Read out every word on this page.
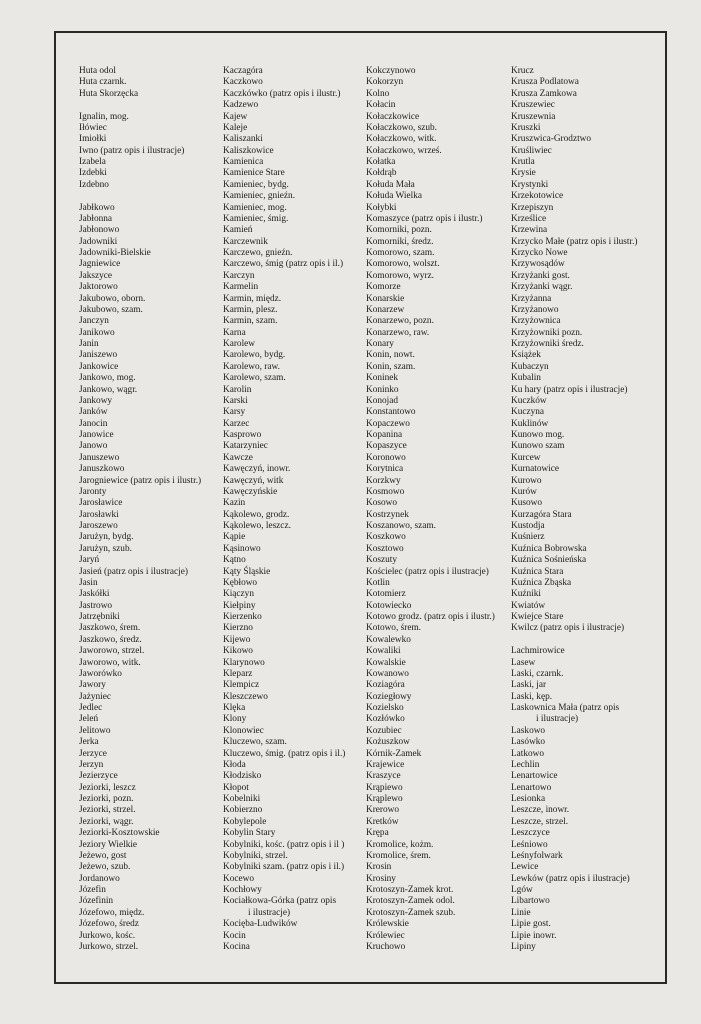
Huta odol
Huta czarnk.
Huta Skorzęcka
Ignalin, mog.
Iłówiec
Imiołki
Iwno (patrz opis i ilustracje)
Izabela
Izdebki
Izdebno
Jabłkowo
Jabłonna
Jabłonowo
Jadowniki
Jadowniki-Bielskie
Jagniewice
Jakszyce
Jaktorowo
Jakubowo, oborn.
Jakubowo, szam.
Janczyn
Janikowo
Janin
Janiszewo
Jankowice
Jankowo, mog.
Jankowo, wągr.
Jankowy
Janków
Janocin
Janowice
Janowo
Januszewo
Januszkowo
Jarogniewice (patrz opis i ilustr.)
Jaronty
Jarosławice
Jarosławki
Jaroszewo
Jarużyn, bydg.
Jarużyn, szub.
Jaryń
Jasień (patrz opis i ilustracje)
Jasin
Jaskółki
Jastrowo
Jatrzębniki
Jaszkowo, śrem.
Jaszkowo, średz.
Jaworowo, strzel.
Jaworowo, witk.
Jaworówko
Jawory
Jażyniec
Jedlec
Jeleń
Jelitowo
Jerka
Jerzyce
Jerzyn
Jezierzyce
Jeziorki, leszcz
Jeziorki, pozn.
Jeziorki, strzel.
Jeziorki, wągr.
Jeziorki-Kosztowskie
Jeziory Wielkie
Jeżewo, gost
Jeżewo, szub.
Jordanowo
Józefin
Józefinin
Józefowo, międz.
Józefowo, średz
Jurkowo, kośc.
Jurkowo, strzel.
Kaczagóra
Kaczkowo
Kaczkówko (patrz opis i ilustr.)
Kadzewo
Kajew
Kaleje
Kaliszanki
Kaliszkowice
Kamienica
Kamienice Stare
Kamieniec, bydg.
Kamieniec, gnieźn.
Kamieniec, mog.
Kamieniec, śmig.
Kamień
Karczewnik
Karczewo, gnieźn.
Karczewo, śmig (patrz opis i il.)
Karczyn
Karmelin
Karmin, międz.
Karmin, plesz.
Karmin, szam.
Karna
Karolew
Karolewo, bydg.
Karolewo, raw.
Karolewo, szam.
Karolin
Karski
Karsy
Karzec
Kasprowo
Katarzyniec
Kawcze
Kawęczyń, inowr.
Kawęczyń, witk
Kawęczyńskie
Kazin
Kąkolewo, grodz.
Kąkolewo, leszcz.
Kąpie
Kąsinowo
Kątno
Kąty Śląskie
Kębłowo
Kiączyn
Kiełpiny
Kierzenko
Kierzno
Kijewo
Kikowo
Klarynowo
Kleparz
Klempicz
Kleszczewo
Klęka
Klony
Klonowiec
Kluczewo, szam.
Kluczewo, śmig. (patrz opis i il.)
Kłoda
Kłodzisko
Kłopot
Kobelniki
Kobierzno
Kobylepole
Kobylin Stary
Kobylniki, kośc. (patrz opis i il )
Kobylniki, strzel.
Kobylniki szam. (patrz opis i il.)
Kocewo
Kochłowy
Kociałkowa-Górka (patrz opis
i ilustracje)
Kocięba-Ludwików
Kocin
Kocina
Kokczynowo
Kokorzyn
Kolno
Kołacin
Kołaczkowice
Kołaczkowo, szub.
Kołaczkowo, witk.
Kołaczkowo, wrześ.
Kołatka
Kołdrąb
Kołuda Mała
Kołuda Wielka
Kołybki
Komaszyce (patrz opis i ilustr.)
Komorniki, pozn.
Komorniki, średz.
Komorowo, szam.
Komorowo, wolszt.
Komorowo, wyrz.
Komorze
Konarskie
Konarzew
Konarzewo, pozn.
Konarzewo, raw.
Konary
Konin, nowt.
Konin, szam.
Koninek
Koninko
Konojad
Konstantowo
Kopaczewo
Kopanina
Kopaszyce
Koronowo
Korytnica
Korzkwy
Kosmowo
Kosowo
Kostrzynek
Koszanowo, szam.
Koszkowo
Kosztowo
Koszuty
Kościelec (patrz opis i ilustracje)
Kotlin
Kotomierz
Kotowiecko
Kotowo grodz. (patrz opis i ilustr.)
Kotowo, śrem.
Kowalewko
Kowaliki
Kowalskie
Kowanowo
Koziagóra
Koziegłowy
Kozielsko
Kozłówko
Kozubiec
Kożuszkow
Kórnik-Zamek
Krajewice
Kraszyce
Krąpiewo
Krąplewo
Krerowo
Kretków
Krępa
Kromolice, kożm.
Kromolice, śrem.
Krosin
Krosiny
Krotoszyn-Zamek krot.
Krotoszyn-Zamek odol.
Krotoszyn-Zamek szub.
Królewskie
Królewiec
Kruchowo
Krucz
Krusza Podlatowa
Krusza Zamkowa
Kruszewiec
Kruszewnia
Kruszki
Kruszwica-Grodztwo
Kruśliwiec
Krutla
Krysie
Krystynki
Krzekotowice
Krzepiszyn
Krześlice
Krzewina
Krzycko Małe (patrz opis i ilustr.)
Krzycko Nowe
Krzywosądów
Krzyżanki gost.
Krzyżanki wągr.
Krzyżanna
Krzyżanowo
Krzyżownica
Krzyżowniki pozn.
Krzyżowniki średz.
Książek
Kubaczyn
Kubalin
Ku hary (patrz opis i ilustracje)
Kuczków
Kuczyna
Kuklinów
Kunowo mog.
Kunowo szam
Kurcew
Kurnatowice
Kurowo
Kurów
Kusowo
Kurzagóra Stara
Kustodja
Kuśnierz
Kuźnica Bobrowska
Kuźnica Sośnieńska
Kuźnica Stara
Kuźnica Zbąska
Kuźniki
Kwiatów
Kwiejce Stare
Kwilcz (patrz opis i ilustracje)
Lachmirowice
Lasew
Laski, czarnk.
Laski, jar
Laski, kęp.
Laskownica Mała (patrz opis
i ilustracje)
Laskowo
Lasówko
Latkowo
Lechlin
Lenartowice
Lenartowo
Lesionka
Leszcze, inowr.
Leszcze, strzel.
Leszczyce
Leśniowo
Leśnyfolwark
Lewice
Lewków (patrz opis i ilustracje)
Lgów
Libartowo
Linie
Lipie gost.
Lipie inowr.
Lipiny
